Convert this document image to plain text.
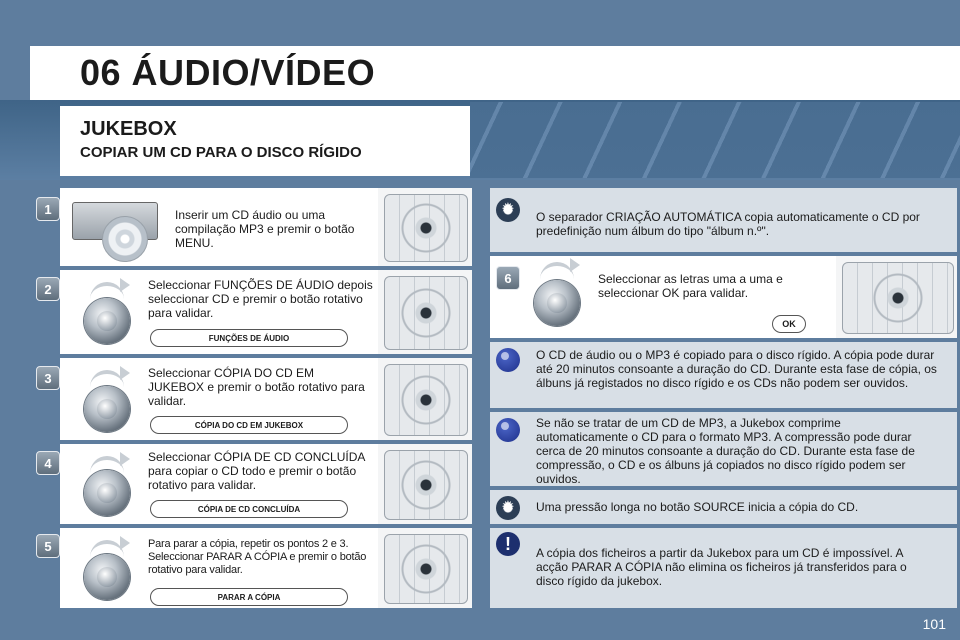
06 ÁUDIO/VÍDEO
JUKEBOX
COPIAR UM CD PARA O DISCO RÍGIDO
1	Inserir um CD áudio ou uma compilação MP3 e premir o botão MENU.
2	Seleccionar FUNÇÕES DE ÁUDIO depois seleccionar CD e premir o botão rotativo para validar.
FUNÇÕES DE ÁUDIO
3	Seleccionar CÓPIA DO CD EM JUKEBOX e premir o botão rotativo para validar.
CÓPIA DO CD EM JUKEBOX
4	Seleccionar CÓPIA DE CD CONCLUÍDA para copiar o CD todo e premir o botão rotativo para validar.
CÓPIA DE CD CONCLUÍDA
5	Para parar a cópia, repetir os pontos 2 e 3. Seleccionar PARAR A CÓPIA e premir o botão rotativo para validar.
PARAR A CÓPIA
✹
O separador CRIAÇÃO AUTOMÁTICA copia automaticamente o CD por predefinição num álbum do tipo "álbum n.º".
6	Seleccionar as letras uma a uma e seleccionar OK para validar.
OK
O CD de áudio ou o MP3 é copiado para o disco rígido. A cópia pode durar até 20 minutos consoante a duração do CD. Durante esta fase de cópia, os álbuns já registados no disco rígido e os CDs não podem ser ouvidos.
Se não se tratar de um CD de MP3, a Jukebox comprime automaticamente o CD para o formato MP3. A compressão pode durar cerca de 20 minutos consoante a duração do CD. Durante esta fase de compressão, o CD e os álbuns já copiados no disco rígido podem ser ouvidos.
✹
Uma pressão longa no botão SOURCE inicia a cópia do CD.
!	A cópia dos ficheiros a partir da Jukebox para um CD é impossível. A acção PARAR A CÓPIA não elimina os ficheiros já transferidos para o disco rígido da jukebox.
101
